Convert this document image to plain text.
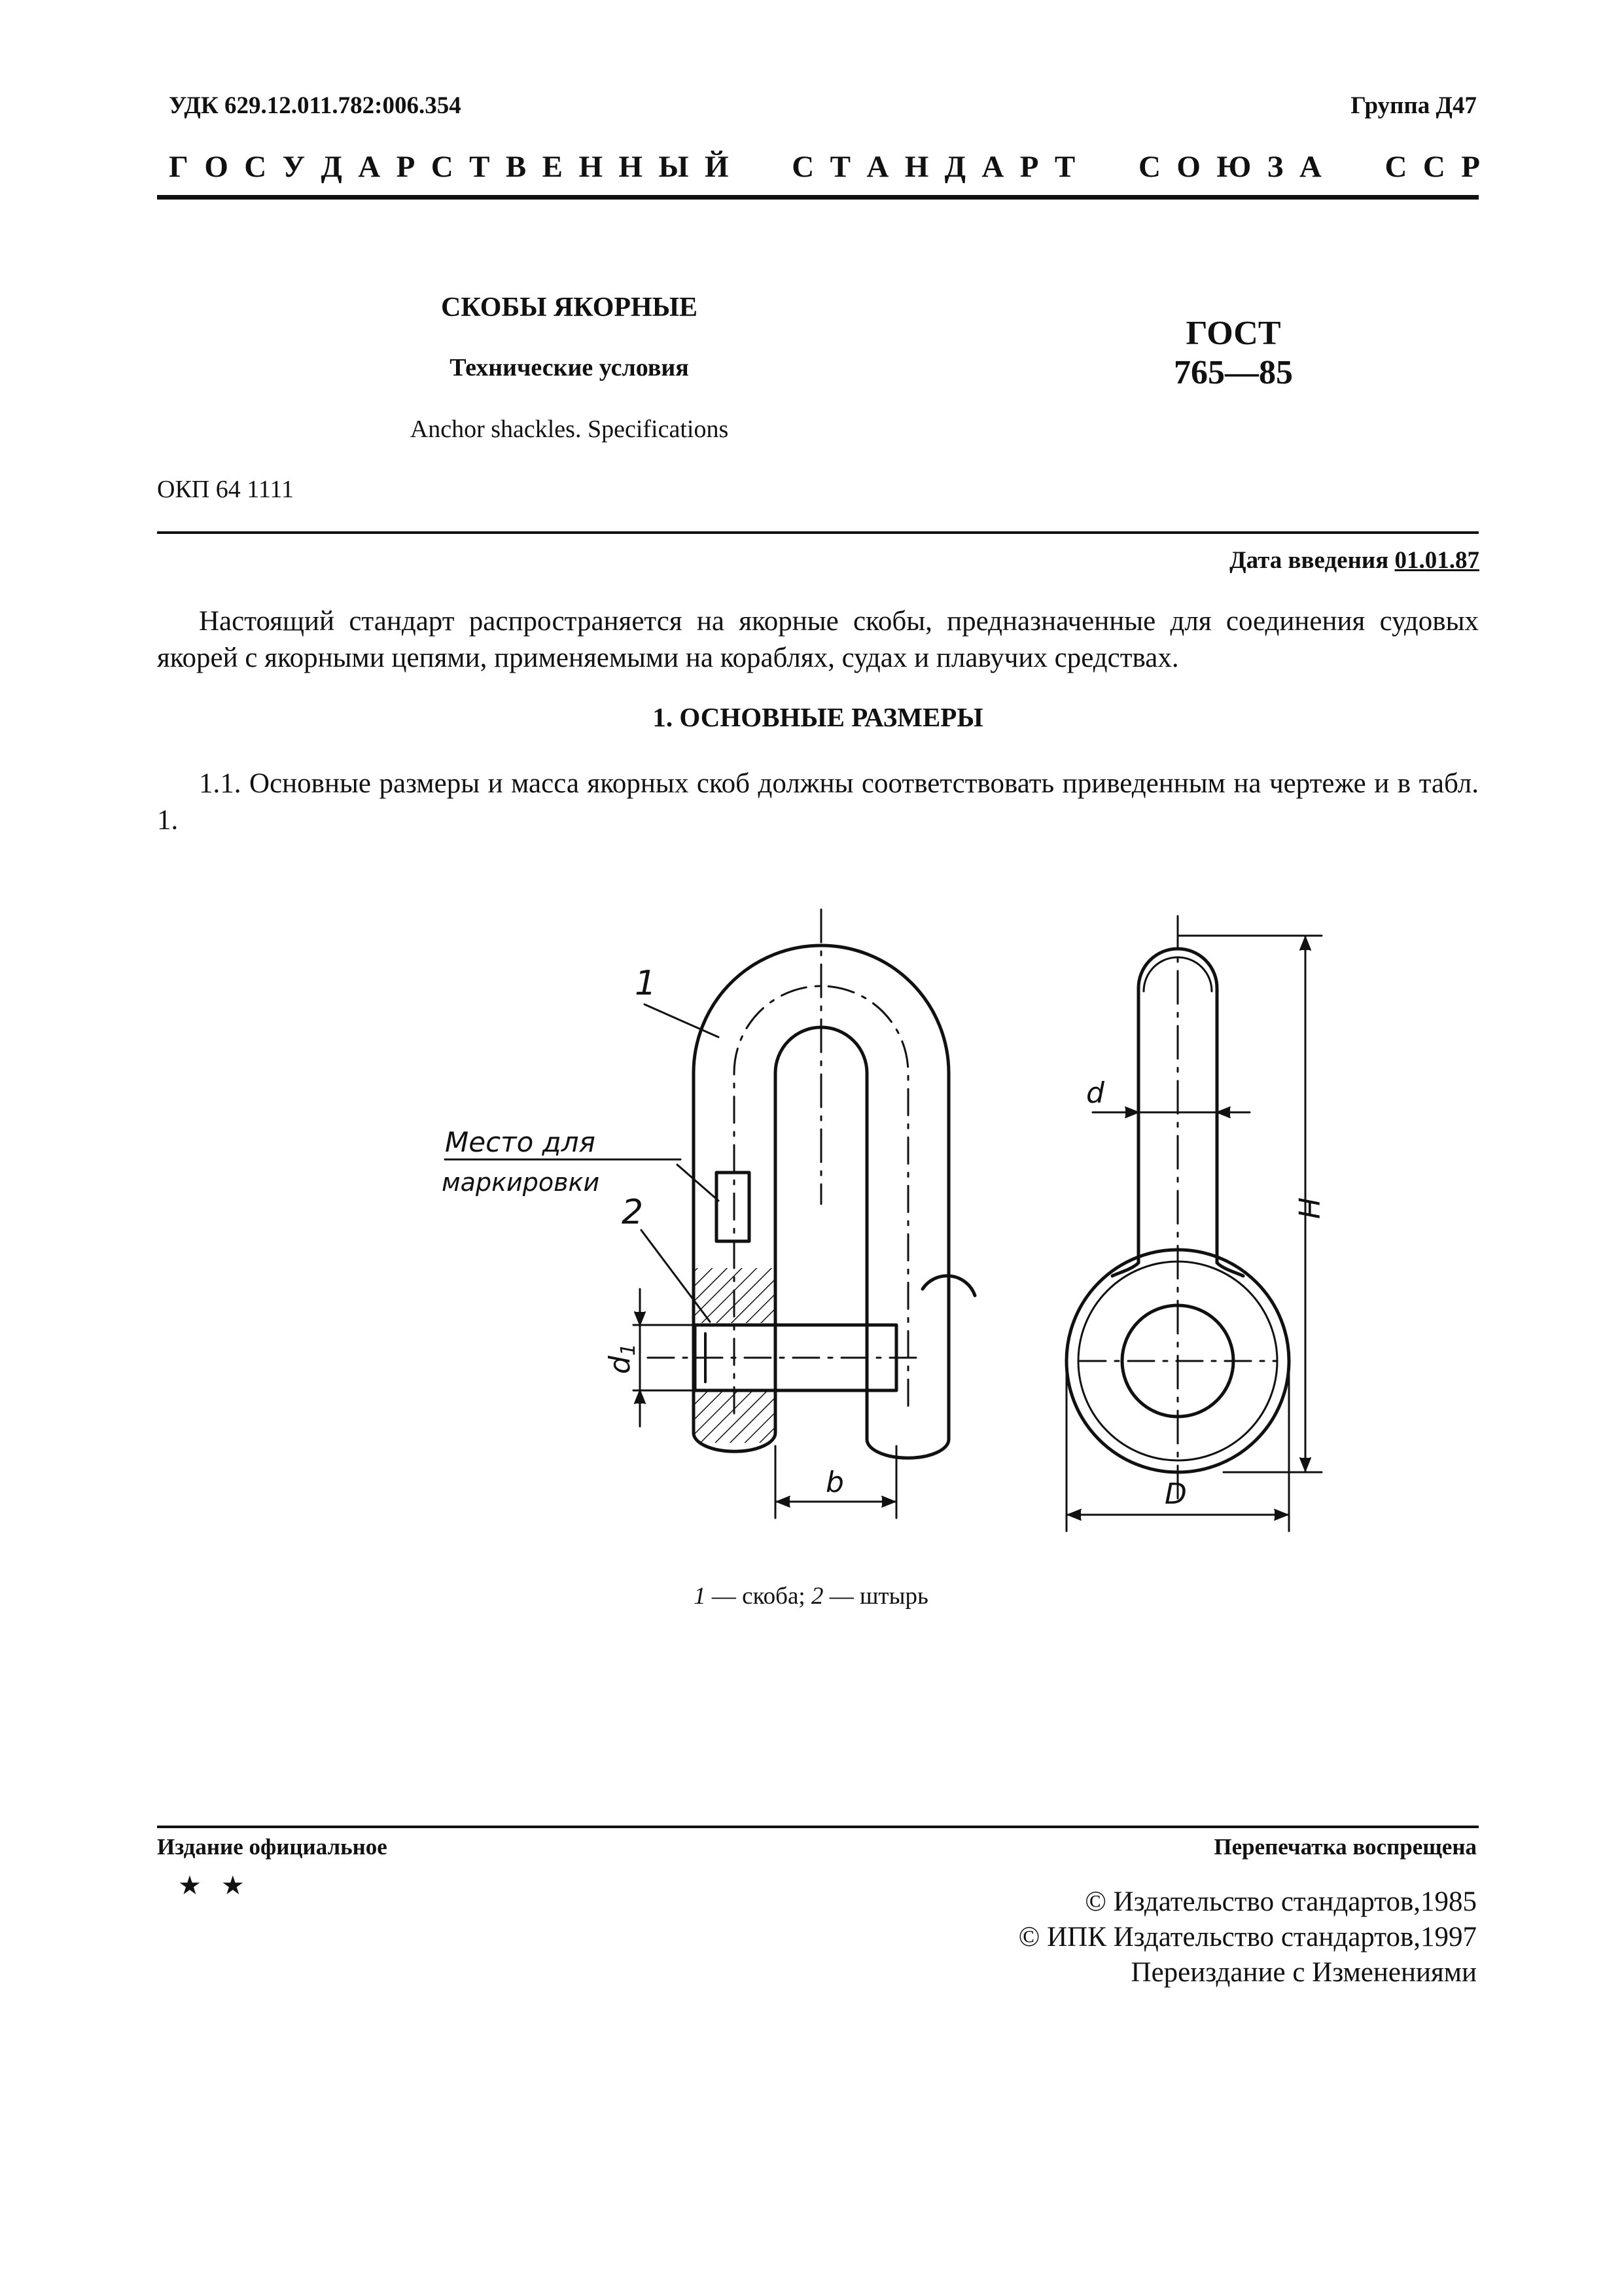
УДК 629.12.011.782:006.354	Группа Д47
Г О С У Д А Р С Т В Е Н Н Ы Й

С Т А Н Д А Р Т

С О Ю З А

С С Р
СКОБЫ ЯКОРНЫЕ
Технические условия
Anchor shackles. Specifications
ГОСТ
765—85
ОКП 64 1111
Дата введения 01.01.87
Настоящий стандарт распространяется на якорные скобы, предназначенные для соединения судовых якорей с якорными цепями, применяемыми на кораблях, судах и плавучих средствах.
1. ОСНОВНЫЕ РАЗМЕРЫ
1.1. Основные размеры и масса якорных скоб должны соответствовать приведенным на чертеже и в табл. 1.
1
Место для
маркировки
2
d1
b
d
H
D
1 — скоба; 2 — штырь
Издание официальное	Перепечатка воспрещена
★★
© Издательство стандартов,1985
© ИПК Издательство стандартов,1997
Переиздание с Изменениями
